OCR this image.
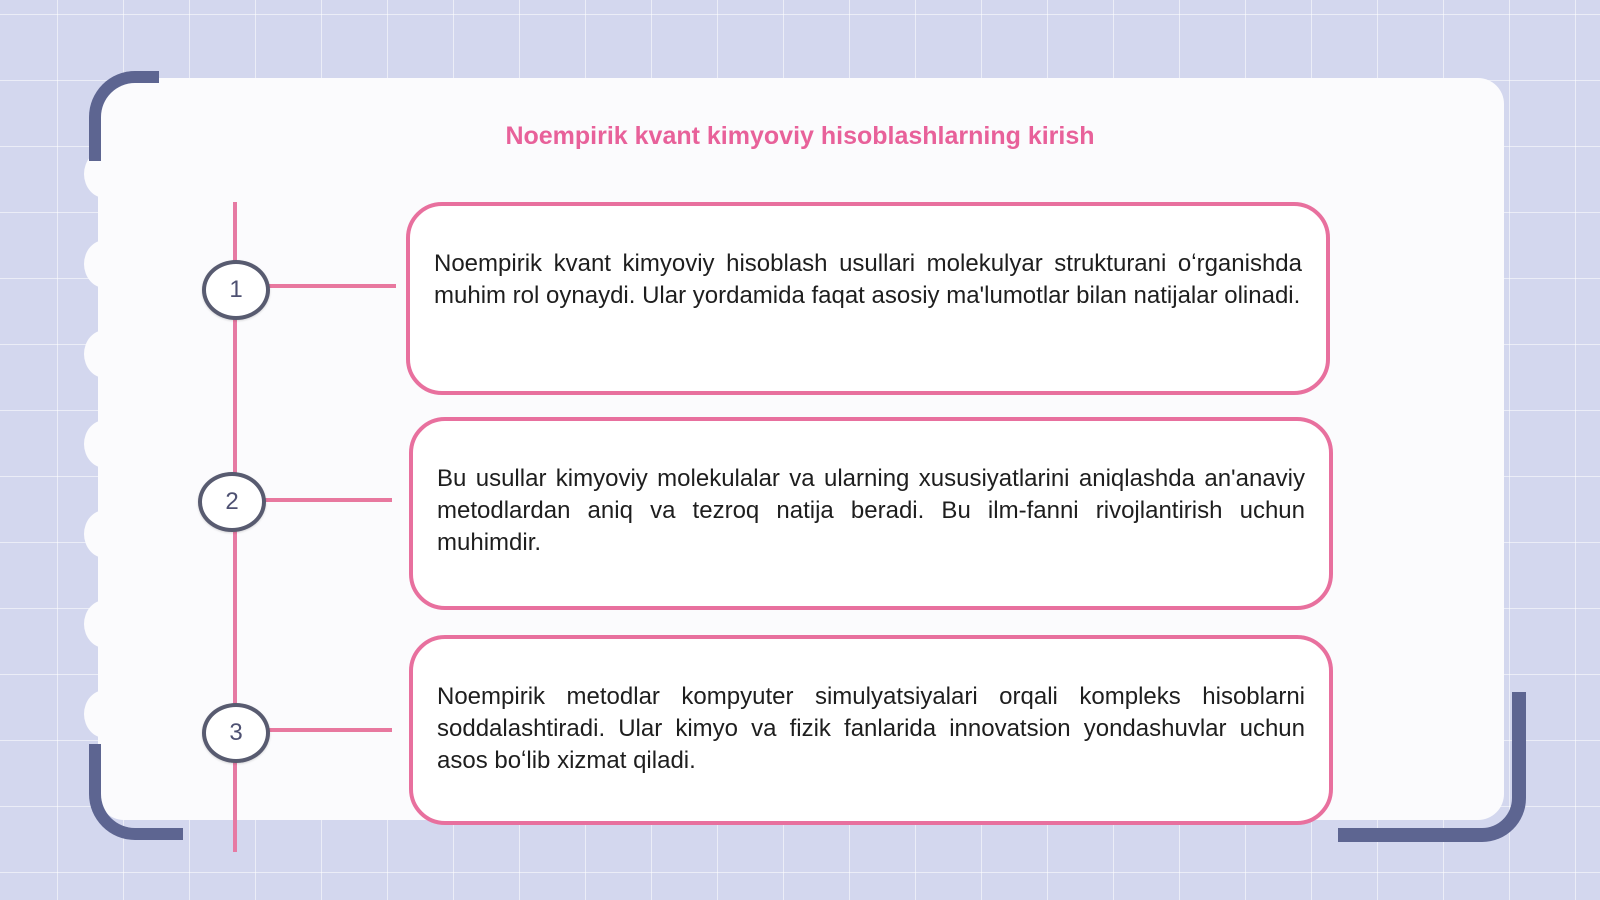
Noempirik kvant kimyoviy hisoblashlarning kirish
1
2
3

Noempirik kvant kimyoviy hisoblash usullari molekulyar strukturani oʻrganishda muhim rol oynaydi. Ular yordamida faqat asosiy ma'lumotlar bilan natijalar olinadi.

Bu usullar kimyoviy molekulalar va ularning xususiyatlarini aniqlashda an'anaviy metodlardan aniq va tezroq natija beradi. Bu ilm-fanni rivojlantirish uchun muhimdir.

Noempirik metodlar kompyuter simulyatsiyalari orqali kompleks hisoblarni soddalashtiradi. Ular kimyo va fizik fanlarida innovatsion yondashuvlar uchun asos boʻlib xizmat qiladi.
